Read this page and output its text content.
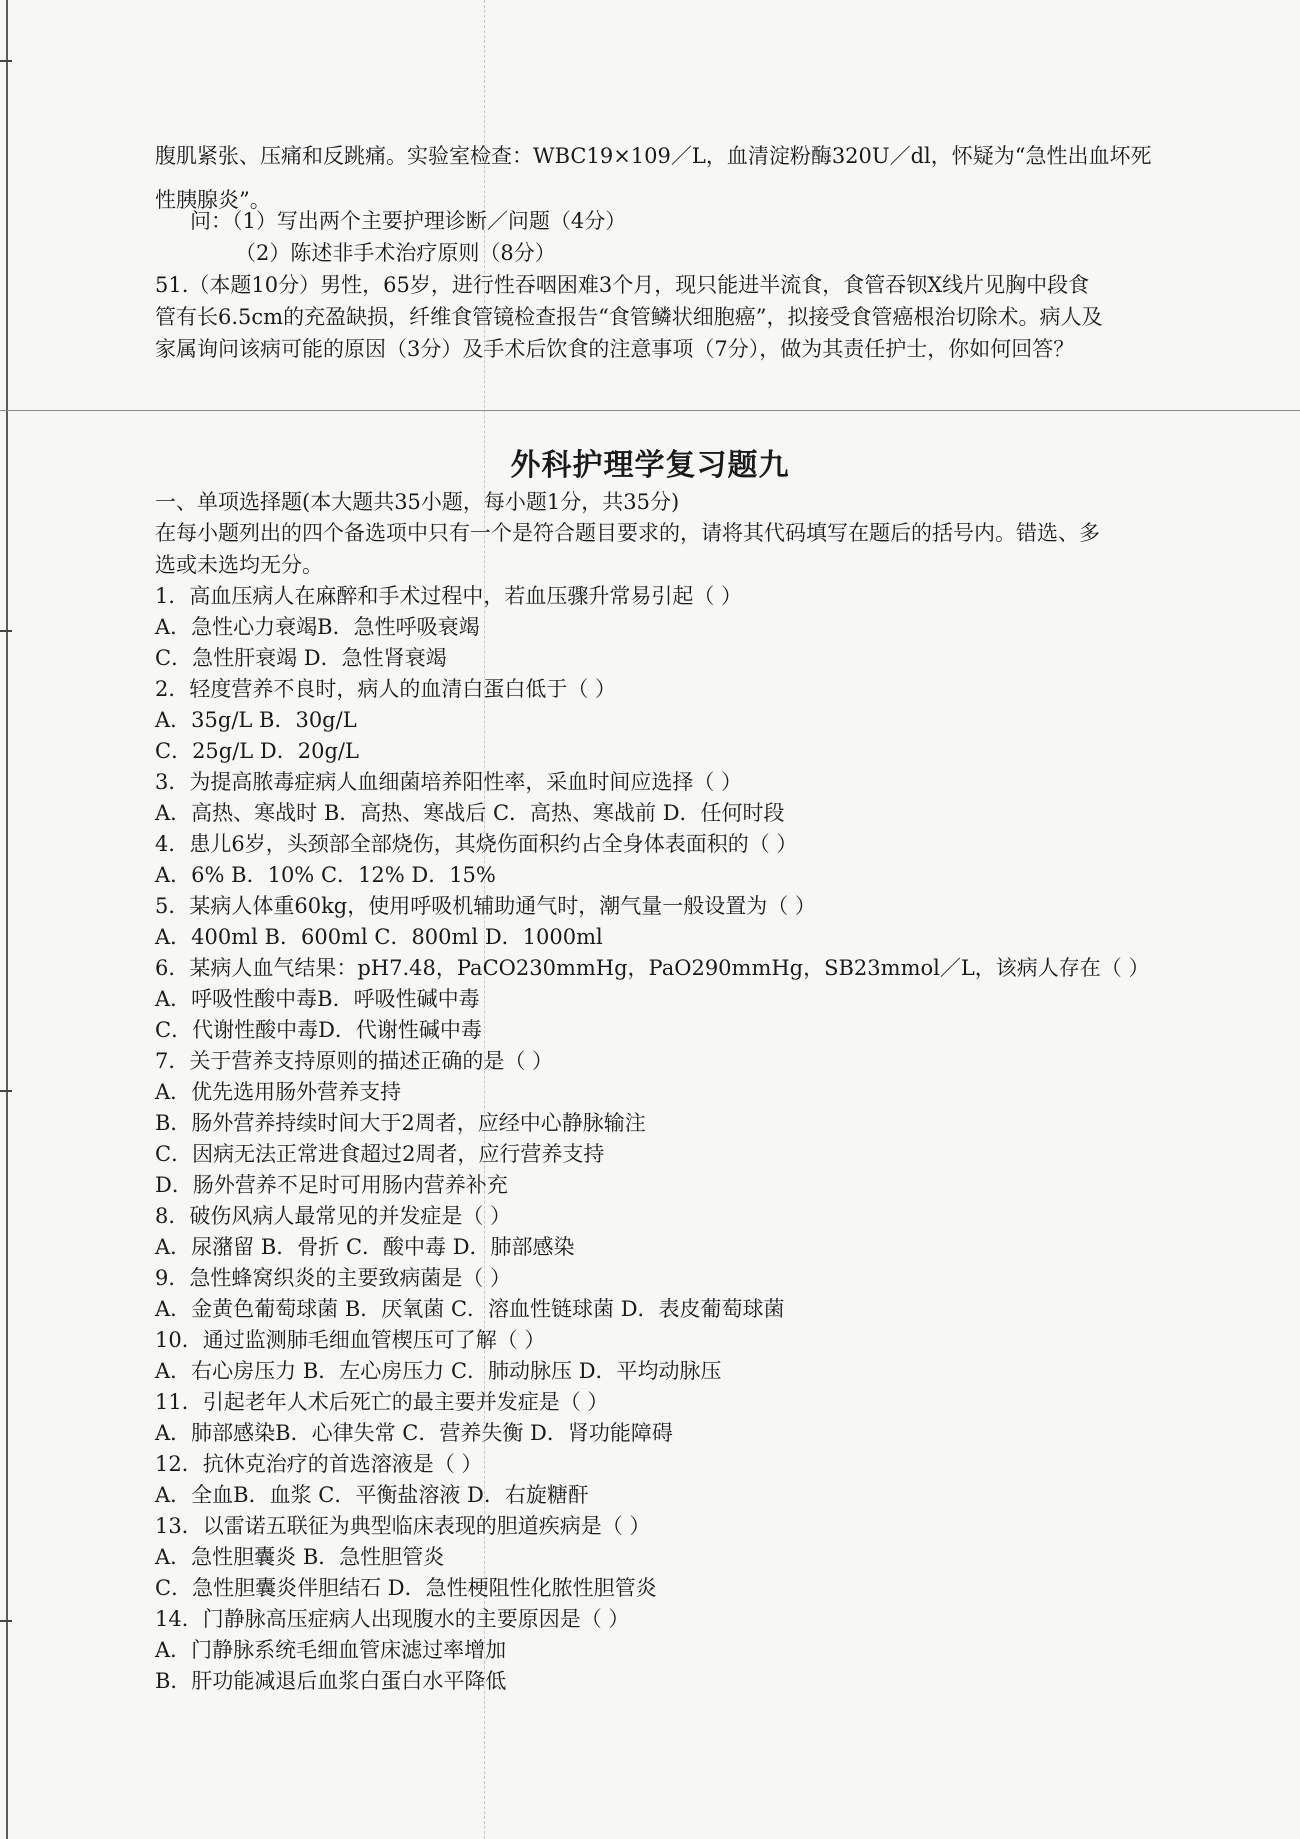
外科护理学复习题九
腹肌紧张、压痛和反跳痛。实验室检查：WBC19×109／L，血清淀粉酶320U／dl，怀疑为“急性出血坏死
性胰腺炎”。
问：（1）写出两个主要护理诊断／问题（4分）
（2）陈述非手术治疗原则（8分）
51.（本题10分）男性，65岁，进行性吞咽困难3个月，现只能进半流食，食管吞钡X线片见胸中段食
管有长6.5cm的充盈缺损，纤维食管镜检查报告“食管鳞状细胞癌”，拟接受食管癌根治切除术。病人及
家属询问该病可能的原因（3分）及手术后饮食的注意事项（7分），做为其责任护士，你如何回答？
一、单项选择题(本大题共35小题，每小题1分，共35分)
在每小题列出的四个备选项中只有一个是符合题目要求的，请将其代码填写在题后的括号内。错选、多
选或未选均无分。
1．高血压病人在麻醉和手术过程中，若血压骤升常易引起（ ）
A．急性心力衰竭B．急性呼吸衰竭
C．急性肝衰竭 D．急性肾衰竭
2．轻度营养不良时，病人的血清白蛋白低于（ ）
A．35g/L B．30g/L
C．25g/L D．20g/L
3．为提高脓毒症病人血细菌培养阳性率，采血时间应选择（ ）
A．高热、寒战时 B．高热、寒战后 C．高热、寒战前 D．任何时段
4．患儿6岁，头颈部全部烧伤，其烧伤面积约占全身体表面积的（ ）
A．6% B．10% C．12% D．15%
5．某病人体重60kg，使用呼吸机辅助通气时，潮气量一般设置为（ ）
A．400ml B．600ml C．800ml D．1000ml
6．某病人血气结果：pH7.48，PaCO230mmHg，PaO290mmHg，SB23mmol／L，该病人存在（ ）
A．呼吸性酸中毒B．呼吸性碱中毒
C．代谢性酸中毒D．代谢性碱中毒
7．关于营养支持原则的描述正确的是（ ）
A．优先选用肠外营养支持
B．肠外营养持续时间大于2周者，应经中心静脉输注
C．因病无法正常进食超过2周者，应行营养支持
D．肠外营养不足时可用肠内营养补充
8．破伤风病人最常见的并发症是（ ）
A．尿潴留 B．骨折 C．酸中毒 D．肺部感染
9．急性蜂窝织炎的主要致病菌是（ ）
A．金黄色葡萄球菌 B．厌氧菌 C．溶血性链球菌 D．表皮葡萄球菌
10．通过监测肺毛细血管楔压可了解（ ）
A．右心房压力 B．左心房压力 C．肺动脉压 D．平均动脉压
11．引起老年人术后死亡的最主要并发症是（ ）
A．肺部感染B．心律失常 C．营养失衡 D．肾功能障碍
12．抗休克治疗的首选溶液是（ ）
A．全血B．血浆 C．平衡盐溶液 D．右旋糖酐
13．以雷诺五联征为典型临床表现的胆道疾病是（ ）
A．急性胆囊炎 B．急性胆管炎
C．急性胆囊炎伴胆结石 D．急性梗阻性化脓性胆管炎
14．门静脉高压症病人出现腹水的主要原因是（ ）
A．门静脉系统毛细血管床滤过率增加
B．肝功能减退后血浆白蛋白水平降低
